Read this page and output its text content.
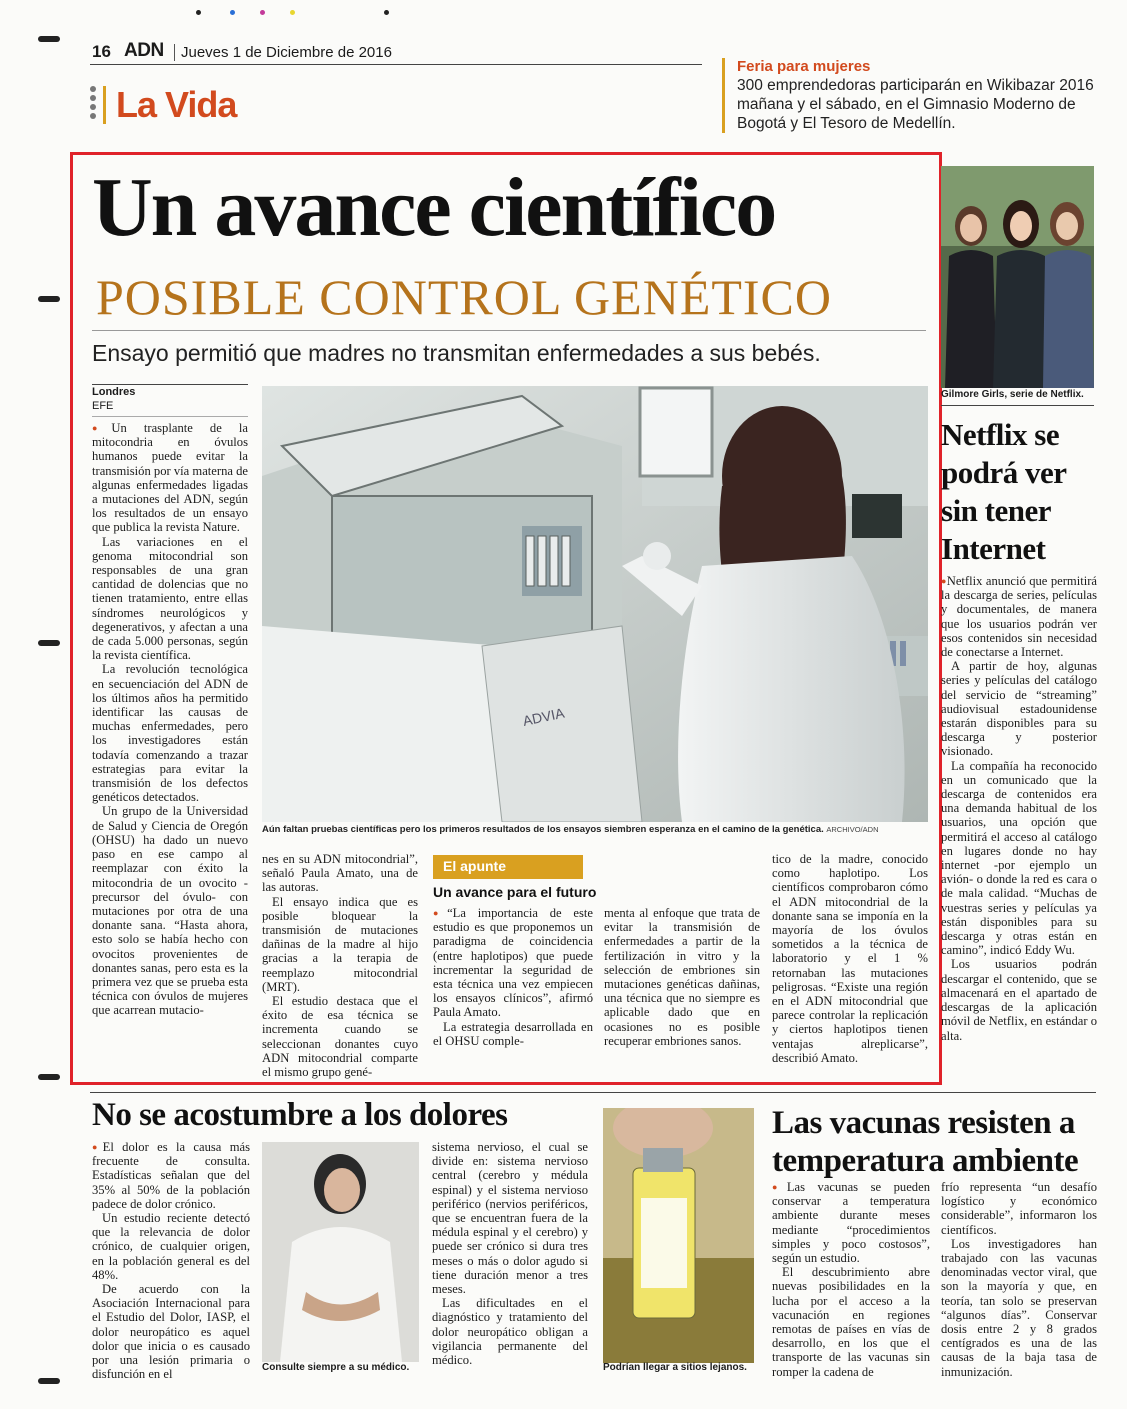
16 ADN	Jueves 1 de Diciembre de 2016
La Vida
Feria para mujeres
300 emprendedoras participarán en Wikibazar 2016 mañana y el sábado, en el Gimnasio Moderno de Bogotá y El Tesoro de Medellín.
Un avance científico
POSIBLE CONTROL GENÉTICO
Ensayo permitió que madres no transmitan enfermedades a sus bebés.
Londres
EFE

● Un trasplante de la mitocondria en óvulos humanos puede evitar la transmisión por vía materna de algunas enfermedades ligadas a mutaciones del ADN, según los resultados de un ensayo que publica la revista Nature.

Las variaciones en el genoma mitocondrial son responsables de una gran cantidad de dolencias que no tienen tratamiento, entre ellas síndromes neurológicos y degenerativos, y afectan a una de cada 5.000 personas, según la revista científica.

La revolución tecnológica en secuenciación del ADN de los últimos años ha permitido identificar las causas de muchas enfermedades, pero los investigadores están todavía comenzando a trazar estrategias para evitar la transmisión de los defectos genéticos detectados.

Un grupo de la Universidad de Salud y Ciencia de Oregón (OHSU) ha dado un nuevo paso en ese campo al reemplazar con éxito la mitocondria de un ovocito -precursor del óvulo- con mutaciones por otra de una donante sana. “Hasta ahora, esto solo se había hecho con ovocitos provenientes de donantes sanas, pero esta es la primera vez que se prueba esta técnica con óvulos de mujeres que acarrean mutacio-

ADVIA
Aún faltan pruebas científicas pero los primeros resultados de los ensayos siembren esperanza en el camino de la genética. ARCHIVO/ADN

nes en su ADN mitocondrial”, señaló Paula Amato, una de las autoras.

El ensayo indica que es posible bloquear la transmisión de mutaciones dañinas de la madre al hijo gracias a la terapia de reemplazo mitocondrial (MRT).

El estudio destaca que el éxito de esa técnica se incrementa cuando se seleccionan donantes cuyo ADN mitocondrial comparte el mismo grupo gené-

El apunte
Un avance para el futuro

● “La importancia de este estudio es que proponemos un paradigma de coincidencia (entre haplotipos) que puede incrementar la seguridad de esta técnica una vez empiecen los ensayos clínicos”, afirmó Paula Amato.

La estrategia desarrollada en el OHSU comple-

menta al enfoque que trata de evitar la transmisión de enfermedades a partir de la fertilización in vitro y la selección de embriones sin mutaciones genéticas dañinas, una técnica que no siempre es aplicable dado que en ocasiones no es posible recuperar embriones sanos.

tico de la madre, conocido como haplotipo. Los científicos comprobaron cómo el ADN mitocondrial de la donante sana se imponía en la mayoría de los óvulos sometidos a la técnica de laboratorio y el 1 % retornaban las mutaciones peligrosas. “Existe una región en el ADN mitocondrial que parece controlar la replicación y ciertos haplotipos tienen ventajas alreplicarse”, describió Amato.

Gilmore Girls, serie de Netflix.
Netflix se podrá ver sin tener Internet

● Netflix anunció que permitirá la descarga de series, películas y documentales, de manera que los usuarios podrán ver esos contenidos sin necesidad de conectarse a Internet.

A partir de hoy, algunas series y películas del catálogo del servicio de “streaming” audiovisual estadounidense estarán disponibles para su descarga y posterior visionado.

La compañía ha reconocido en un comunicado que la descarga de contenidos era una demanda habitual de los usuarios, una opción que permitirá el acceso al catálogo en lugares donde no hay internet -por ejemplo un avión- o donde la red es cara o de mala calidad. “Muchas de vuestras series y películas ya están disponibles para su descarga y otras están en camino”, indicó Eddy Wu.

Los usuarios podrán descargar el contenido, que se almacenará en el apartado de descargas de la aplicación móvil de Netflix, en estándar o alta.

No se acostumbre a los dolores

● El dolor es la causa más frecuente de consulta. Estadísticas señalan que del 35% al 50% de la población padece de dolor crónico.

Un estudio reciente detectó que la relevancia de dolor crónico, de cualquier origen, en la población general es del 48%.

De acuerdo con la Asociación Internacional para el Estudio del Dolor, IASP, el dolor neuropático es aquel dolor que inicia o es causado por una lesión primaria o disfunción en el	Consulte siempre a su médico.

sistema nervioso, el cual se divide en: sistema nervioso central (cerebro y médula espinal) y el sistema nervioso periférico (nervios periféricos, que se encuentran fuera de la médula espinal y el cerebro) y puede ser crónico si dura tres meses o más o dolor agudo si tiene duración menor a tres meses.

Las dificultades en el diagnóstico y tratamiento del dolor neuropático obligan a vigilancia permanente del médico.

Podrían llegar a sitios lejanos.
Las vacunas resisten a temperatura ambiente

● Las vacunas se pueden conservar a temperatura ambiente durante meses mediante “procedimientos simples y poco costosos”, según un estudio.

El descubrimiento abre nuevas posibilidades en la lucha por el acceso a la vacunación en regiones remotas de países en vías de desarrollo, en los que el transporte de las vacunas sin romper la cadena de

frío representa “un desafío logístico y económico considerable”, informaron los científicos.

Los investigadores han trabajado con las vacunas denominadas vector viral, que son la mayoría y que, en teoría, tan solo se preservan “algunos días”. Conservar dosis entre 2 y 8 grados centígrados es una de las causas de la baja tasa de inmunización.
